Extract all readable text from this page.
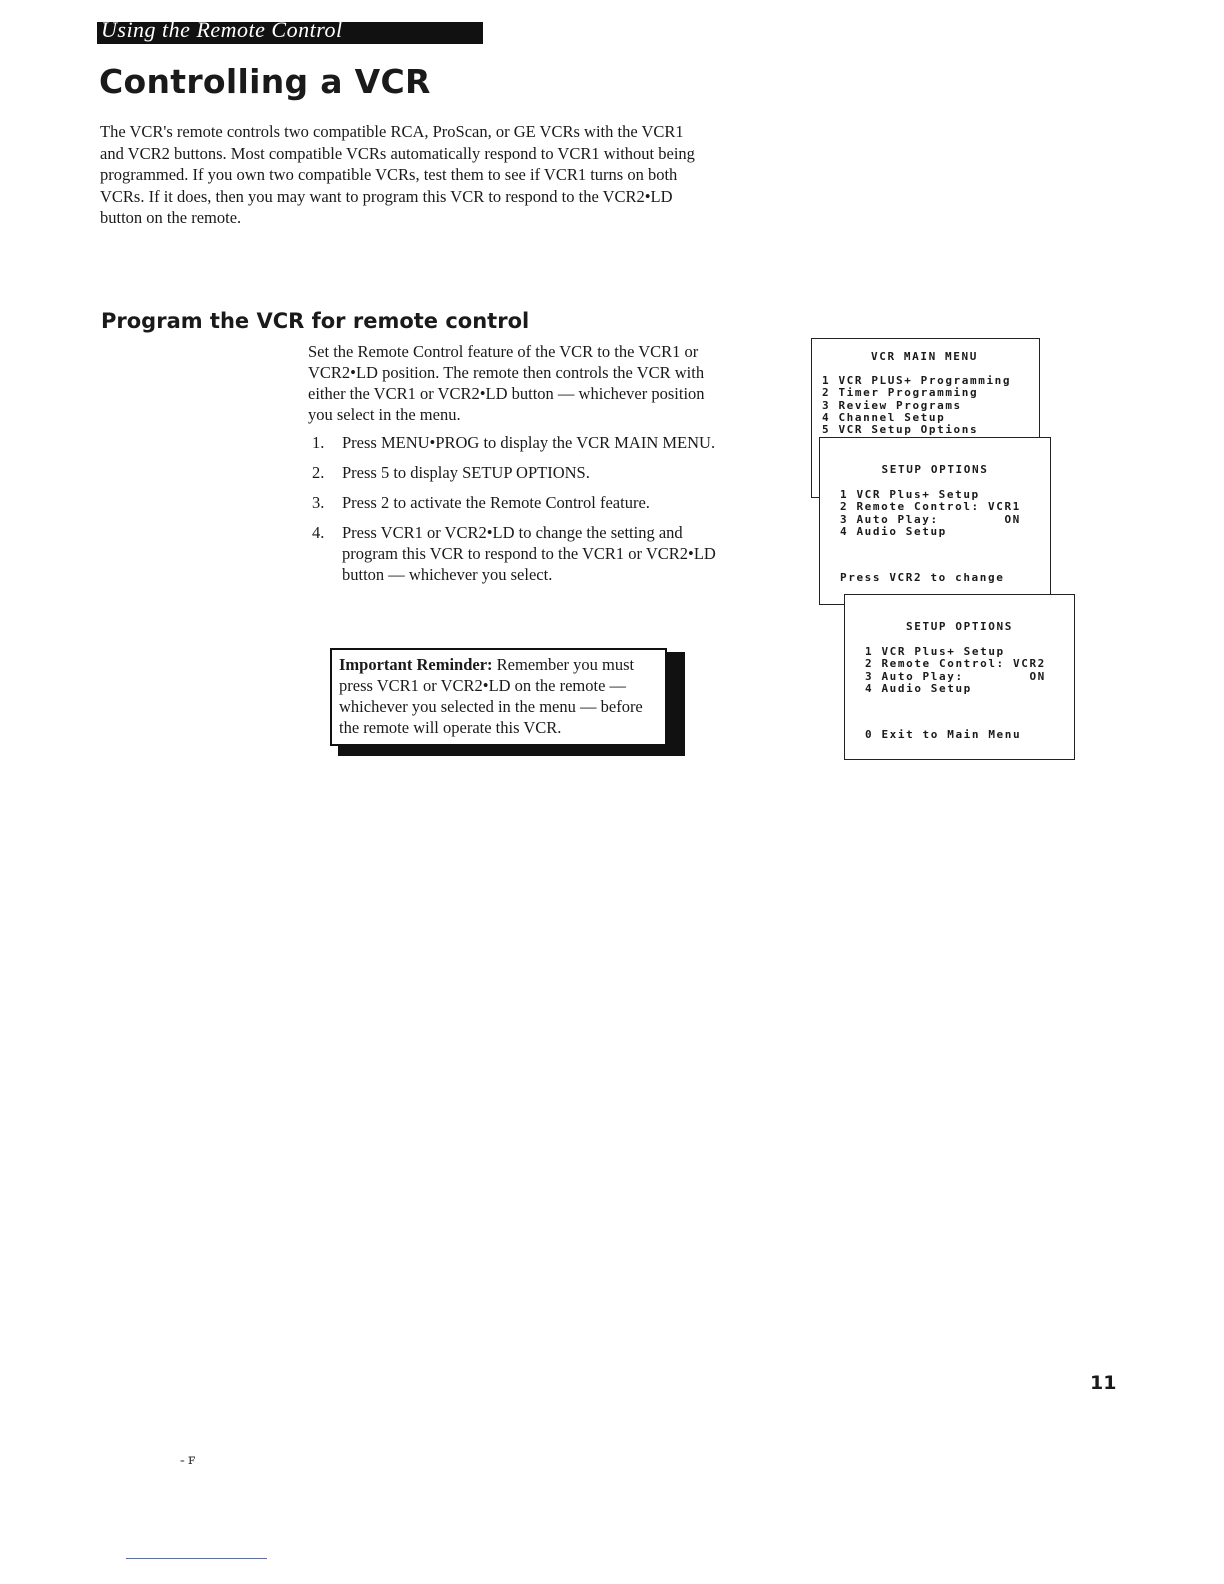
Using the Remote Control
Controlling a VCR

The VCR's remote controls two compatible RCA, ProScan, or GE VCRs with the VCR1 and VCR2 buttons. Most compatible VCRs automatically respond to VCR1 without being programmed. If you own two compatible VCRs, test them to see if VCR1 turns on both VCRs. If it does, then you may want to program this VCR to respond to the VCR2•LD button on the remote.

Program the VCR for remote control

Set the Remote Control feature of the VCR to the VCR1 or VCR2•LD position. The remote then controls the VCR with either the VCR1 or VCR2•LD button — whichever position you select in the menu.

1. Press MENU•PROG to display the VCR MAIN MENU.
2. Press 5 to display SETUP OPTIONS.
3. Press 2 to activate the Remote Control feature.
4. Press VCR1 or VCR2•LD to change the setting and program this VCR to respond to the VCR1 or VCR2•LD button — whichever you select.
Important Reminder: Remember you must press VCR1 or VCR2•LD on the remote — whichever you selected in the menu — before the remote will operate this VCR.
VCR MAIN MENU
1 VCR PLUS+ Programming
2 Timer Programming
3 Review Programs
4 Channel Setup
5 VCR Setup Options
SETUP OPTIONS
1 VCR Plus+ Setup
2 Remote Control: VCR1
3 Auto Play:        ON
4 Audio Setup
Press VCR2 to change
SETUP OPTIONS
1 VCR Plus+ Setup
2 Remote Control: VCR2
3 Auto Play:        ON
4 Audio Setup
0 Exit to Main Menu
11
- ꜰ
